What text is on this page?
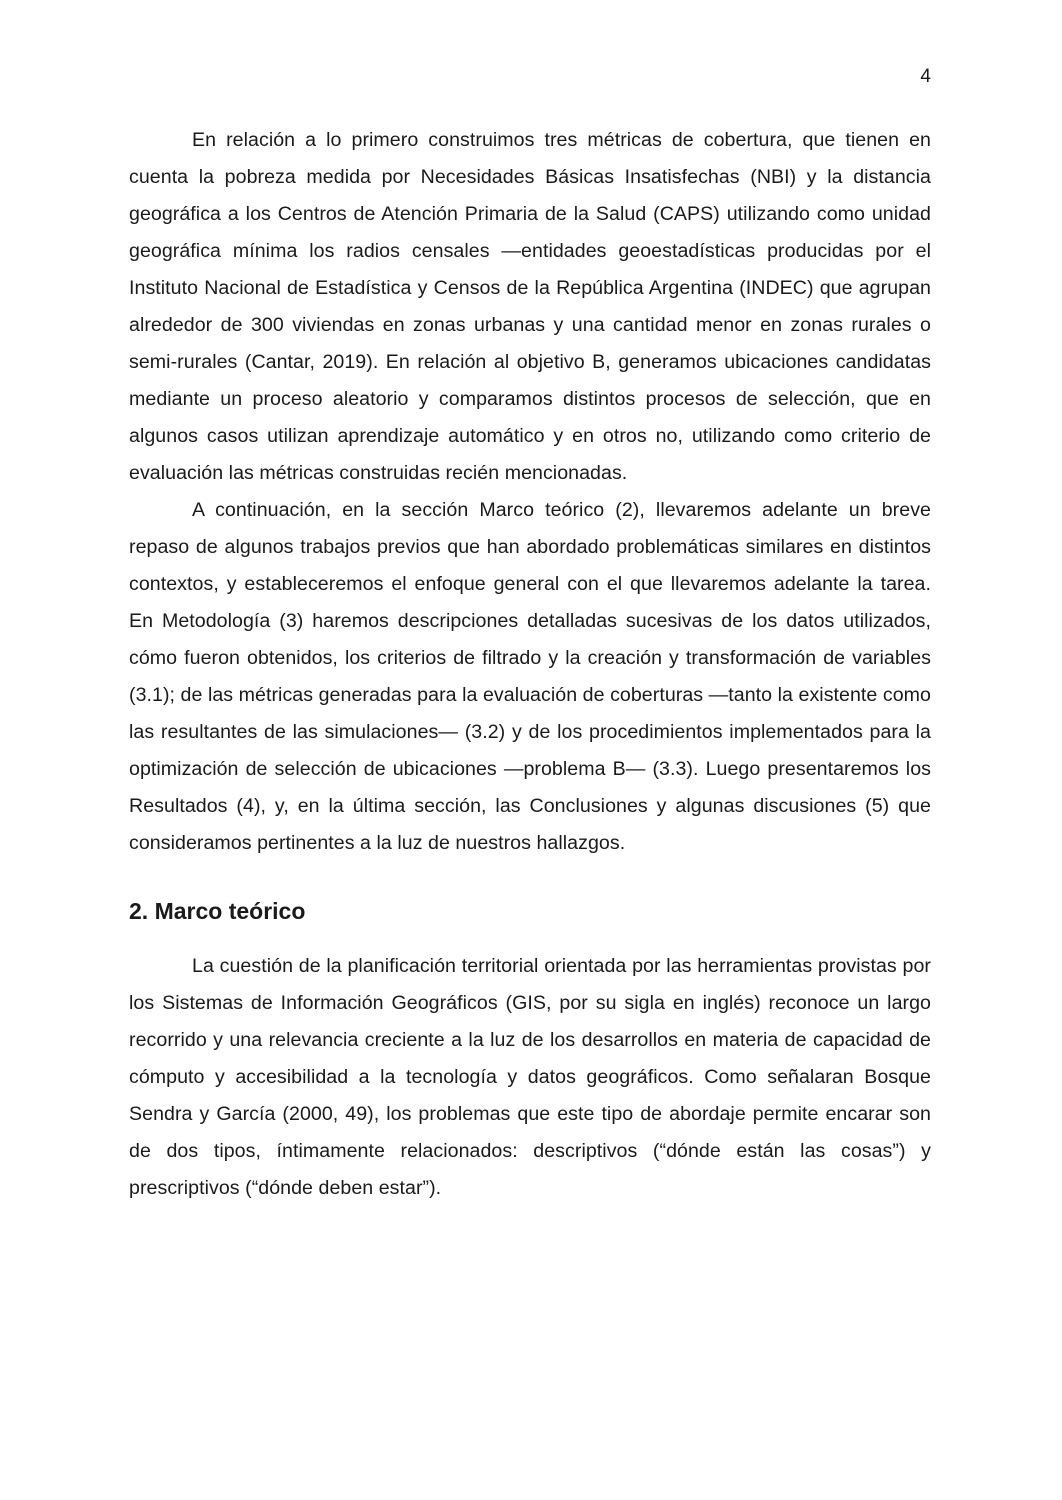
4

En relación a lo primero construimos tres métricas de cobertura, que tienen en cuenta la pobreza medida por Necesidades Básicas Insatisfechas (NBI) y la distancia geográfica a los Centros de Atención Primaria de la Salud (CAPS) utilizando como unidad geográfica mínima los radios censales —entidades geoestadísticas producidas por el Instituto Nacional de Estadística y Censos de la República Argentina (INDEC) que agrupan alrededor de 300 viviendas en zonas urbanas y una cantidad menor en zonas rurales o semi-rurales (Cantar, 2019). En relación al objetivo B, generamos ubicaciones candidatas mediante un proceso aleatorio y comparamos distintos procesos de selección, que en algunos casos utilizan aprendizaje automático y en otros no, utilizando como criterio de evaluación las métricas construidas recién mencionadas.

A continuación, en la sección Marco teórico (2), llevaremos adelante un breve repaso de algunos trabajos previos que han abordado problemáticas similares en distintos contextos, y estableceremos el enfoque general con el que llevaremos adelante la tarea. En Metodología (3) haremos descripciones detalladas sucesivas de los datos utilizados, cómo fueron obtenidos, los criterios de filtrado y la creación y transformación de variables (3.1); de las métricas generadas para la evaluación de coberturas —tanto la existente como las resultantes de las simulaciones— (3.2) y de los procedimientos implementados para la optimización de selección de ubicaciones —problema B— (3.3). Luego presentaremos los Resultados (4), y, en la última sección, las Conclusiones y algunas discusiones (5) que consideramos pertinentes a la luz de nuestros hallazgos.

2. Marco teórico

La cuestión de la planificación territorial orientada por las herramientas provistas por los Sistemas de Información Geográficos (GIS, por su sigla en inglés) reconoce un largo recorrido y una relevancia creciente a la luz de los desarrollos en materia de capacidad de cómputo y accesibilidad a la tecnología y datos geográficos. Como señalaran Bosque Sendra y García (2000, 49), los problemas que este tipo de abordaje permite encarar son de dos tipos, íntimamente relacionados: descriptivos (“dónde están las cosas”) y prescriptivos (“dónde deben estar”).
